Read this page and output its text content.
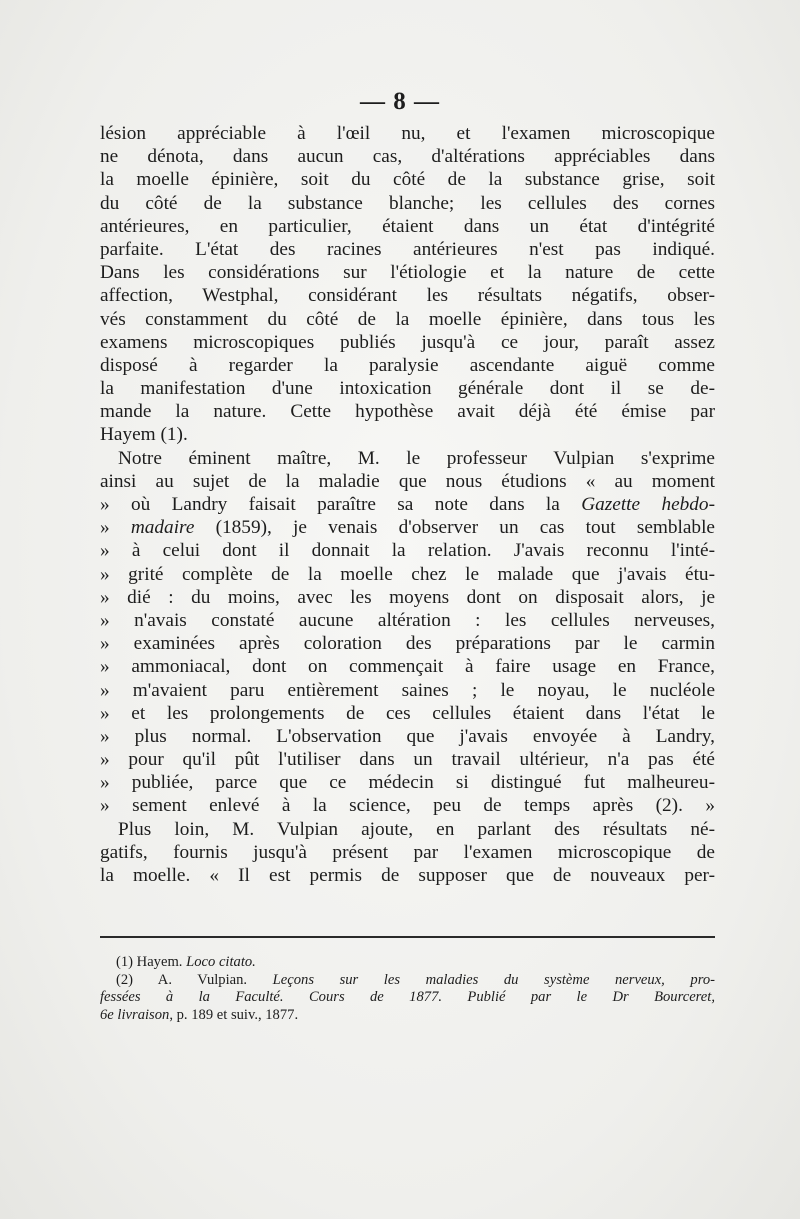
— 8 —
lésion appréciable à l'œil nu, et l'examen microscopique
ne dénota, dans aucun cas, d'altérations appréciables dans
la moelle épinière, soit du côté de la substance grise, soit
du côté de la substance blanche; les cellules des cornes
antérieures, en particulier, étaient dans un état d'intégrité
parfaite. L'état des racines antérieures n'est pas indiqué.
Dans les considérations sur l'étiologie et la nature de cette
affection, Westphal, considérant les résultats négatifs, obser-
vés constamment du côté de la moelle épinière, dans tous les
examens microscopiques publiés jusqu'à ce jour, paraît assez
disposé à regarder la paralysie ascendante aiguë comme
la manifestation d'une intoxication générale dont il se de-
mande la nature. Cette hypothèse avait déjà été émise par
Hayem (1).
Notre éminent maître, M. le professeur Vulpian s'exprime
ainsi au sujet de la maladie que nous étudions « au moment
» où Landry faisait paraître sa note dans la Gazette hebdo-
» madaire (1859), je venais d'observer un cas tout semblable
» à celui dont il donnait la relation. J'avais reconnu l'inté-
» grité complète de la moelle chez le malade que j'avais étu-
» dié : du moins, avec les moyens dont on disposait alors, je
» n'avais constaté aucune altération : les cellules nerveuses,
» examinées après coloration des préparations par le carmin
» ammoniacal, dont on commençait à faire usage en France,
» m'avaient paru entièrement saines ; le noyau, le nucléole
» et les prolongements de ces cellules étaient dans l'état le
» plus normal. L'observation que j'avais envoyée à Landry,
» pour qu'il pût l'utiliser dans un travail ultérieur, n'a pas été
» publiée, parce que ce médecin si distingué fut malheureu-
» sement enlevé à la science, peu de temps après (2). »
Plus loin, M. Vulpian ajoute, en parlant des résultats né-
gatifs, fournis jusqu'à présent par l'examen microscopique de
la moelle. « Il est permis de supposer que de nouveaux per-
(1) Hayem. Loco citato.
(2) A. Vulpian. Leçons sur les maladies du système nerveux, pro-
fessées à la Faculté. Cours de 1877. Publié par le Dr Bourceret,
6e livraison, p. 189 et suiv., 1877.
